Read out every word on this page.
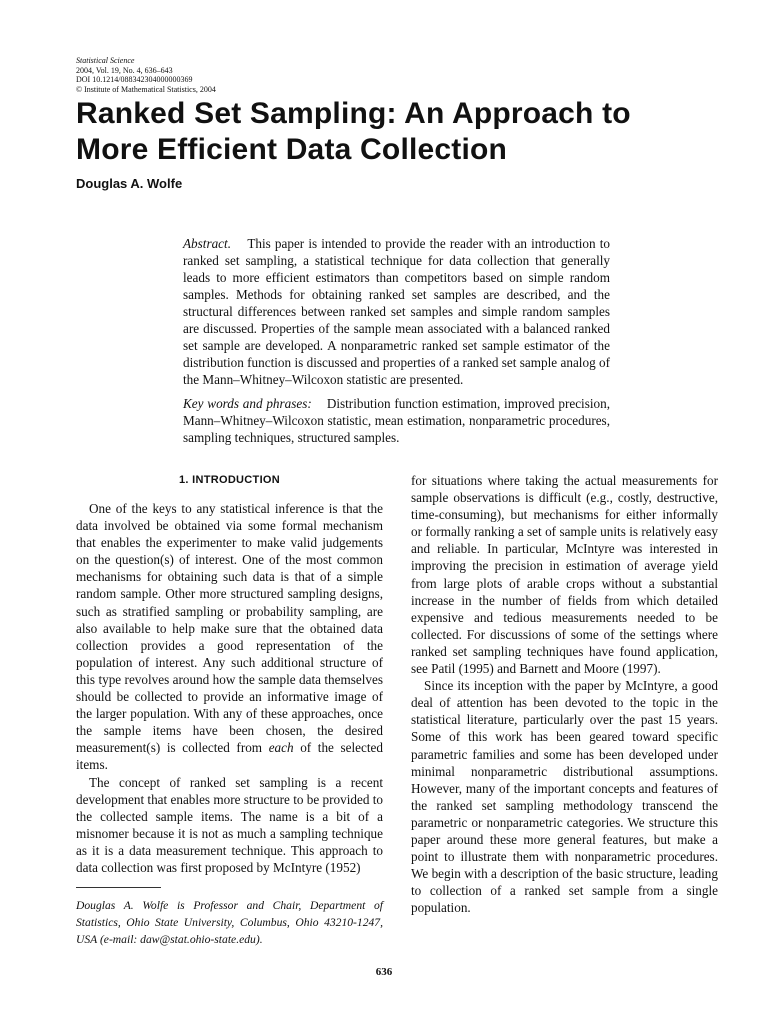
Statistical Science
2004, Vol. 19, No. 4, 636–643
DOI 10.1214/088342304000000369
© Institute of Mathematical Statistics, 2004
Ranked Set Sampling: An Approach to
More Efficient Data Collection
Douglas A. Wolfe

Abstract. This paper is intended to provide the reader with an introduction to ranked set sampling, a statistical technique for data collection that generally leads to more efficient estimators than competitors based on simple random samples. Methods for obtaining ranked set samples are described, and the structural differences between ranked set samples and simple random samples are discussed. Properties of the sample mean associated with a balanced ranked set sample are developed. A nonparametric ranked set sample estimator of the distribution function is discussed and properties of a ranked set sample analog of the Mann–Whitney–Wilcoxon statistic are presented.

Key words and phrases: Distribution function estimation, improved precision, Mann–Whitney–Wilcoxon statistic, mean estimation, nonparametric procedures, sampling techniques, structured samples.

1. INTRODUCTION

One of the keys to any statistical inference is that the data involved be obtained via some formal mechanism that enables the experimenter to make valid judgements on the question(s) of interest. One of the most common mechanisms for obtaining such data is that of a simple random sample. Other more structured sampling designs, such as stratified sampling or probability sampling, are also available to help make sure that the obtained data collection provides a good representation of the population of interest. Any such additional structure of this type revolves around how the sample data themselves should be collected to provide an informative image of the larger population. With any of these approaches, once the sample items have been chosen, the desired measurement(s) is collected from each of the selected items.

The concept of ranked set sampling is a recent development that enables more structure to be provided to the collected sample items. The name is a bit of a misnomer because it is not as much a sampling technique as it is a data measurement technique. This approach to data collection was first proposed by McIntyre (1952)

Douglas A. Wolfe is Professor and Chair, Department of Statistics, Ohio State University, Columbus, Ohio 43210-1247, USA (e-mail: daw@stat.ohio-state.edu).

for situations where taking the actual measurements for sample observations is difficult (e.g., costly, destructive, time-consuming), but mechanisms for either informally or formally ranking a set of sample units is relatively easy and reliable. In particular, McIntyre was interested in improving the precision in estimation of average yield from large plots of arable crops without a substantial increase in the number of fields from which detailed expensive and tedious measurements needed to be collected. For discussions of some of the settings where ranked set sampling techniques have found application, see Patil (1995) and Barnett and Moore (1997).

Since its inception with the paper by McIntyre, a good deal of attention has been devoted to the topic in the statistical literature, particularly over the past 15 years. Some of this work has been geared toward specific parametric families and some has been developed under minimal nonparametric distributional assumptions. However, many of the important concepts and features of the ranked set sampling methodology transcend the parametric or nonparametric categories. We structure this paper around these more general features, but make a point to illustrate them with nonparametric procedures. We begin with a description of the basic structure, leading to collection of a ranked set sample from a single population.

636
